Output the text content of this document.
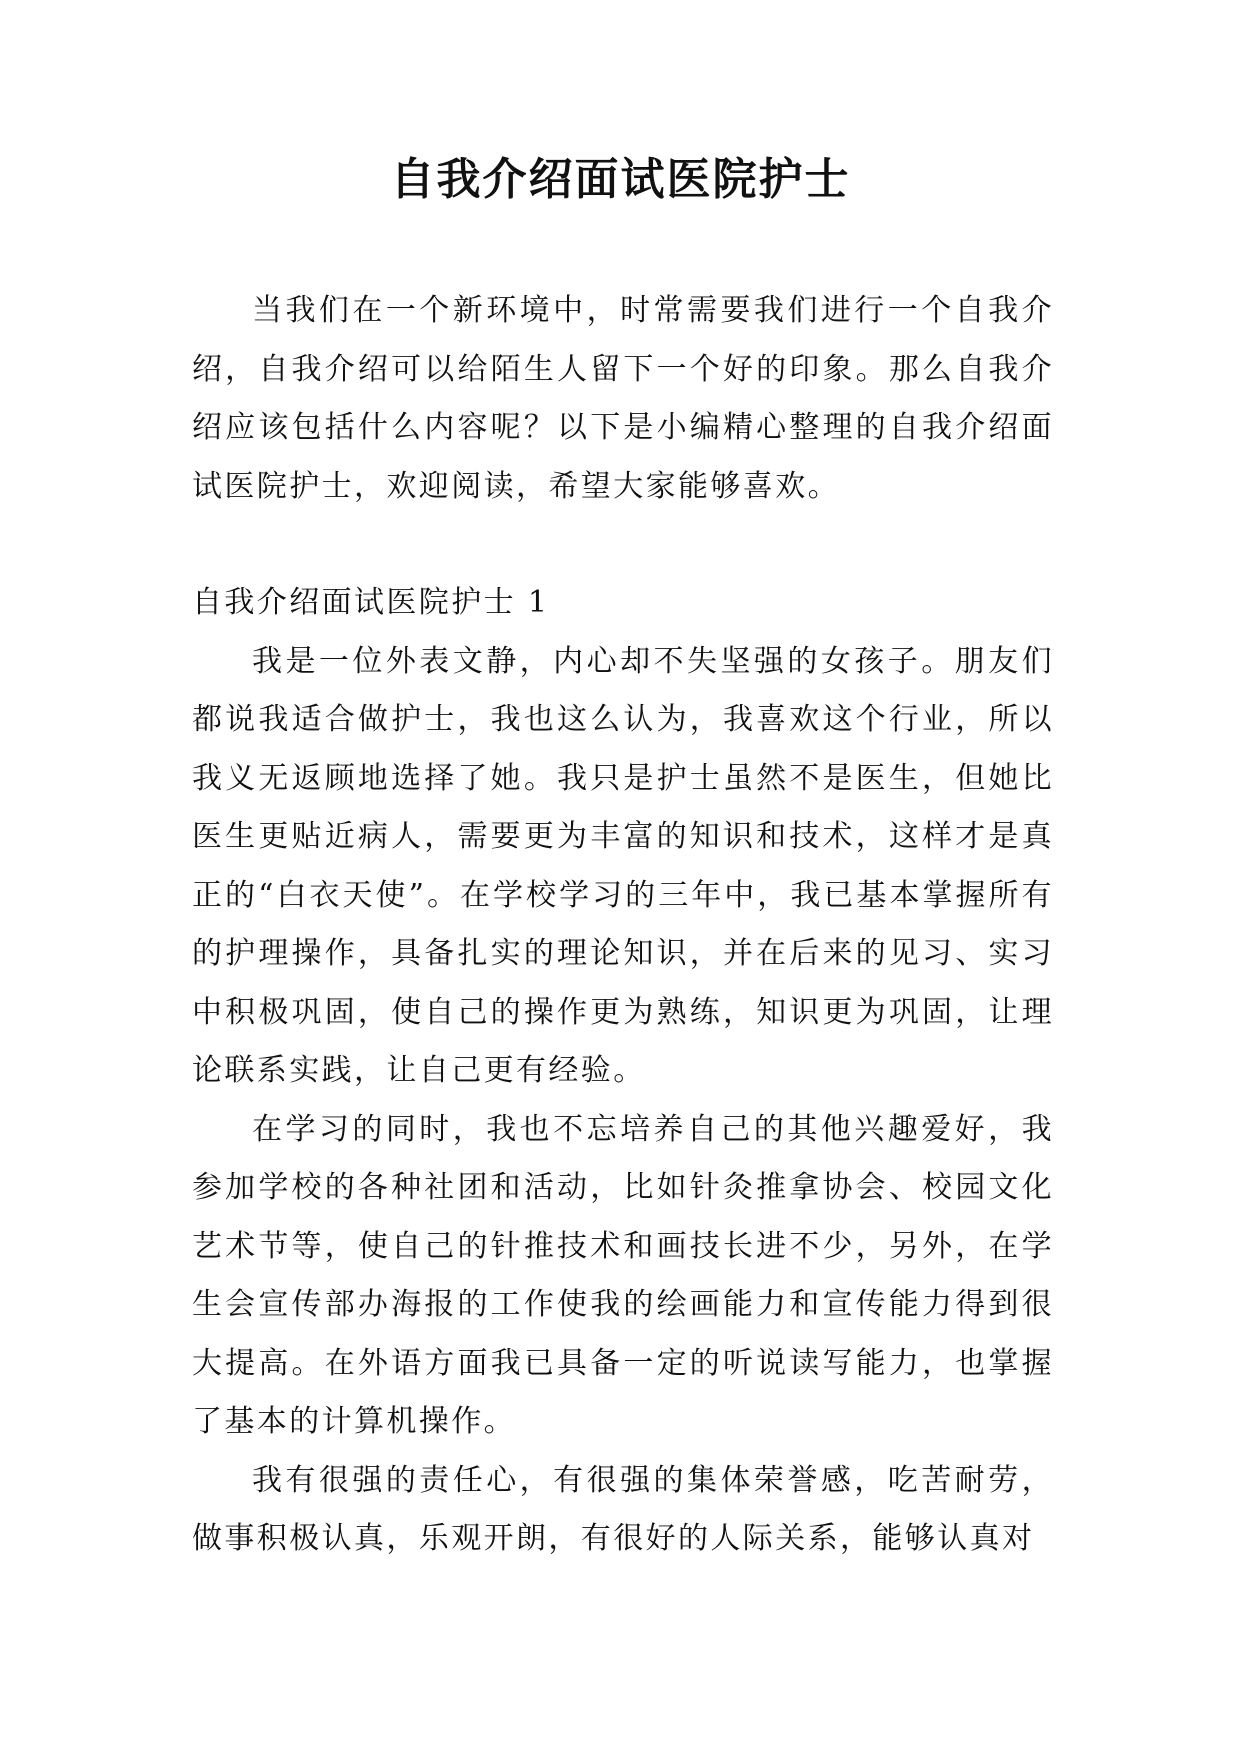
自我介绍面试医院护士

当我们在一个新环境中，时常需要我们进行一个自我介绍，自我介绍可以给陌生人留下一个好的印象。那么自我介绍应该包括什么内容呢？以下是小编精心整理的自我介绍面试医院护士，欢迎阅读，希望大家能够喜欢。

自我介绍面试医院护士 1

我是一位外表文静，内心却不失坚强的女孩子。朋友们都说我适合做护士，我也这么认为，我喜欢这个行业，所以我义无返顾地选择了她。我只是护士虽然不是医生，但她比医生更贴近病人，需要更为丰富的知识和技术，这样才是真正的“白衣天使”。在学校学习的三年中，我已基本掌握所有的护理操作，具备扎实的理论知识，并在后来的见习、实习中积极巩固，使自己的操作更为熟练，知识更为巩固，让理论联系实践，让自己更有经验。

在学习的同时，我也不忘培养自己的其他兴趣爱好，我参加学校的各种社团和活动，比如针灸推拿协会、校园文化艺术节等，使自己的针推技术和画技长进不少，另外，在学生会宣传部办海报的工作使我的绘画能力和宣传能力得到很大提高。在外语方面我已具备一定的听说读写能力，也掌握了基本的计算机操作。

我有很强的责任心，有很强的集体荣誉感，吃苦耐劳，做事积极认真，乐观开朗，有很好的人际关系，能够认真对
